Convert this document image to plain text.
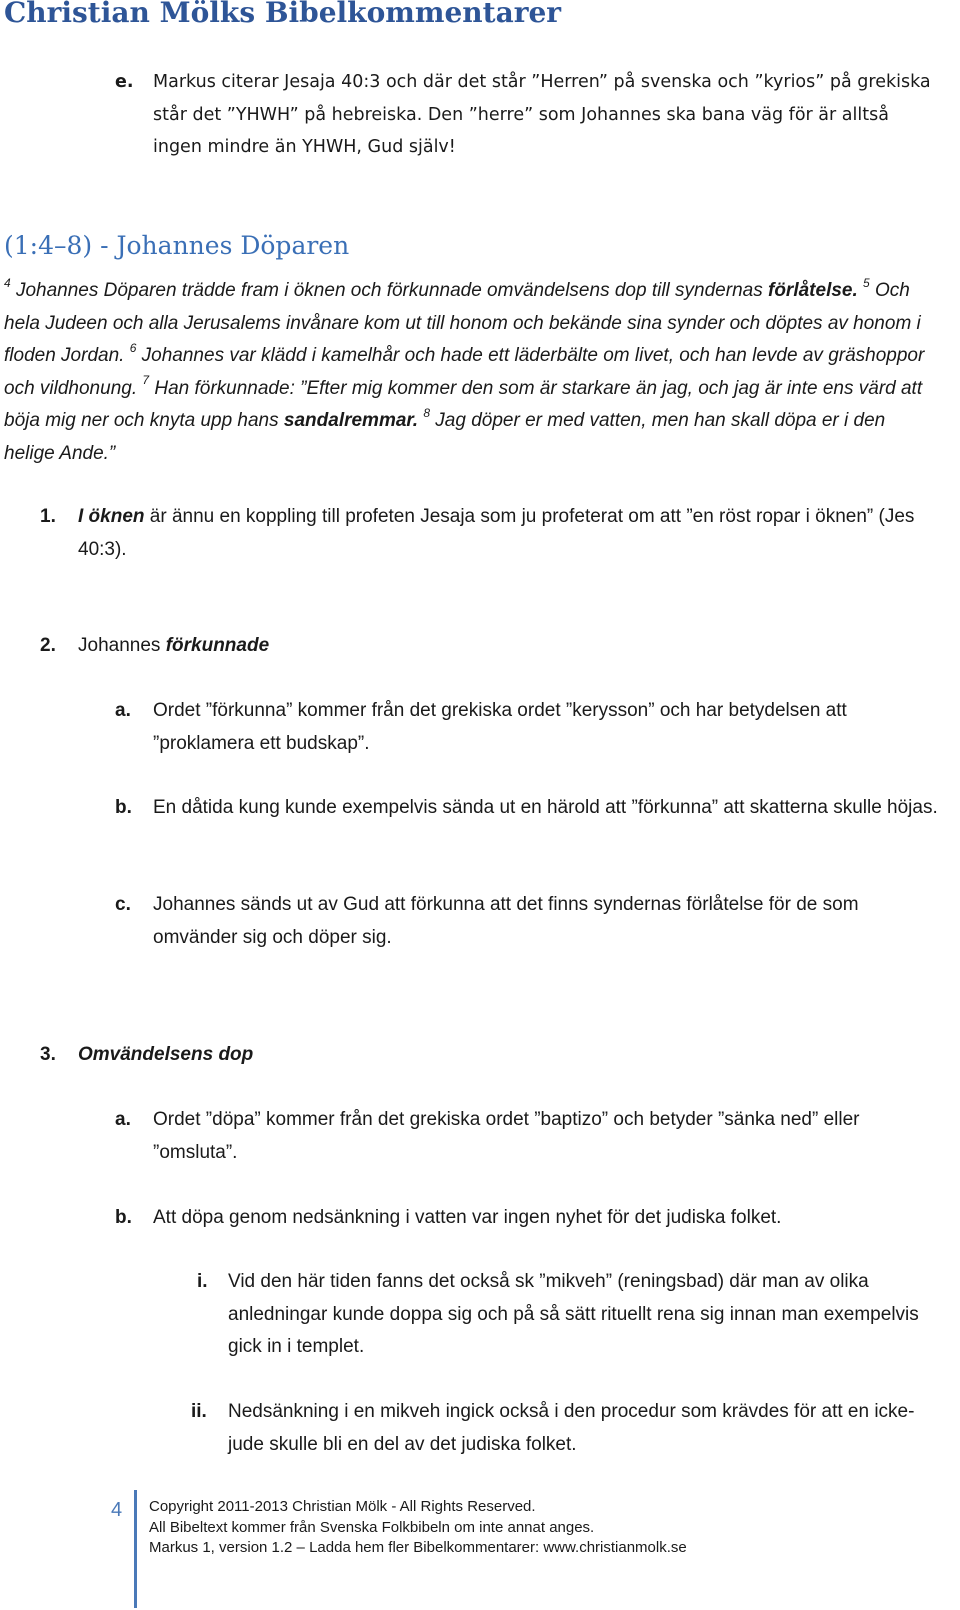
Christian Mölks Bibelkommentarer
e. Markus citerar Jesaja 40:3 och där det står ”Herren” på svenska och ”kyrios” på grekiska står det ”YHWH” på hebreiska. Den ”herre” som Johannes ska bana väg för är alltså ingen mindre än YHWH, Gud själv!
(1:4–8) - Johannes Döparen
$^4$ Johannes Döparen trädde fram i öknen och förkunnade omvändelsens dop till syndernas förlåtelse. $^5$ Och hela Judeen och alla Jerusalems invånare kom ut till honom och bekände sina synder och döptes av honom i floden Jordan. $^6$ Johannes var klädd i kamelhår och hade ett läderbälte om livet, och han levde av gräshoppor och vildhonung. $^7$ Han förkunnade: ”Efter mig kommer den som är starkare än jag, och jag är inte ens värd att böja mig ner och knyta upp hans sandalremmar. $^8$ Jag döper er med vatten, men han skall döpa er i den helige Ande.”
1. I öknen är ännu en koppling till profeten Jesaja som ju profeterat om att ”en röst ropar i öknen” (Jes 40:3).
2. Johannes förkunnade
a. Ordet ”förkunna” kommer från det grekiska ordet ”kerysson” och har betydelsen att ”proklamera ett budskap”.
b. En dåtida kung kunde exempelvis sända ut en härold att ”förkunna” att skatterna skulle höjas.
c. Johannes sänds ut av Gud att förkunna att det finns syndernas förlåtelse för de som omvänder sig och döper sig.
3. Omvändelsens dop
a. Ordet ”döpa” kommer från det grekiska ordet ”baptizo” och betyder ”sänka ned” eller ”omsluta”.
b. Att döpa genom nedsänkning i vatten var ingen nyhet för det judiska folket.
i. Vid den här tiden fanns det också sk ”mikveh” (reningsbad) där man av olika anledningar kunde doppa sig och på så sätt rituellt rena sig innan man exempelvis gick in i templet.
ii. Nedsänkning i en mikveh ingick också i den procedur som krävdes för att en icke-jude skulle bli en del av det judiska folket.
4 Copyright 2011-2013 Christian Mölk - All Rights Reserved.
All Bibeltext kommer från Svenska Folkbibeln om inte annat anges.
Markus 1, version 1.2 – Ladda hem fler Bibelkommentarer: www.christianmolk.se
